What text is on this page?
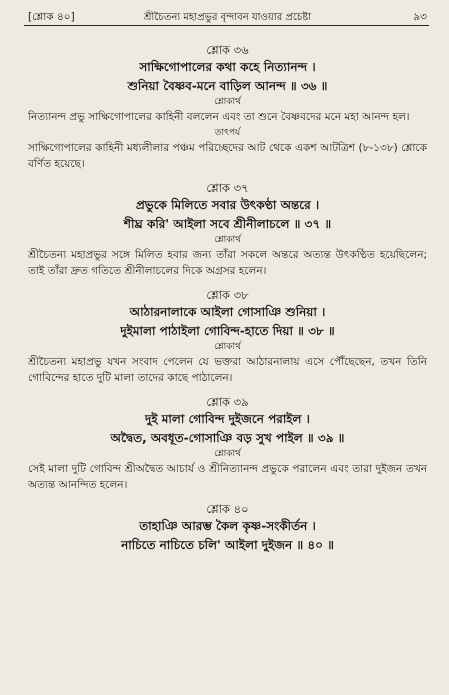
[শ্লোক ৪০]	শ্রীচৈতন্য মহাপ্রভুর বৃন্দাবন যাওয়ার প্রচেষ্টা	৯৩

শ্লোক ৩৬

সাক্ষিগোপালের কথা কহে নিত্যানন্দ ।

শুনিয়া বৈষ্ণব-মনে বাড়িল আনন্দ ॥ ৩৬ ॥

শ্লোকার্থ

নিত্যানন্দ প্রভু সাক্ষিগোপালের কাহিনী বললেন এবং তা শুনে বৈষ্ণবদের মনে মহা আনন্দ হল।

তাৎপর্য

সাক্ষিগোপালের কাহিনী মধ্যলীলার পঞ্চম পরিচ্ছেদের আট থেকে একশ আটত্রিশ (৮-১৩৮) শ্লোকে বর্ণিত হয়েছে।

শ্লোক ৩৭

প্রভুকে মিলিতে সবার উৎকণ্ঠা অন্তরে ।

শীঘ্র করি' আইলা সবে শ্রীনীলাচলে ॥ ৩৭ ॥

শ্লোকার্থ

শ্রীচৈতন্য মহাপ্রভুর সঙ্গে মিলিত হবার জন্য তাঁরা সকলে অন্তরে অত্যন্ত উৎকণ্ঠিত হয়েছিলেন; তাই তাঁরা দ্রুত গতিতে শ্রীনীলাচলের দিকে অগ্রসর হলেন।

শ্লোক ৩৮

আঠারনালাকে আইলা গোসাঞি শুনিয়া ।

দুইমালা পাঠাইলা গোবিন্দ-হাতে দিয়া ॥ ৩৮ ॥

শ্লোকার্থ

শ্রীচৈতন্য মহাপ্রভু যখন সংবাদ পেলেন যে ভক্তরা আঠারনালায় এসে পৌঁছেছেন, তখন তিনি গোবিন্দের হাতে দুটি মালা তাদের কাছে পাঠালেন।

শ্লোক ৩৯

দুই মালা গোবিন্দ দুইজনে পরাইল ।

অদ্বৈত, অবধূত-গোসাঞি বড় সুখ পাইল ॥ ৩৯ ॥

শ্লোকার্থ

সেই মালা দুটি গোবিন্দ শ্রীঅদ্বৈত আচার্য ও শ্রীনিত্যানন্দ প্রভুকে পরালেন এবং তারা দুইজন তখন অত্যন্ত আনন্দিত হলেন।

শ্লোক ৪০

তাহাঞি আরম্ভ কৈল কৃষ্ণ-সংকীর্তন ।

নাচিতে নাচিতে চলি' আইলা দুইজন ॥ ৪০ ॥
